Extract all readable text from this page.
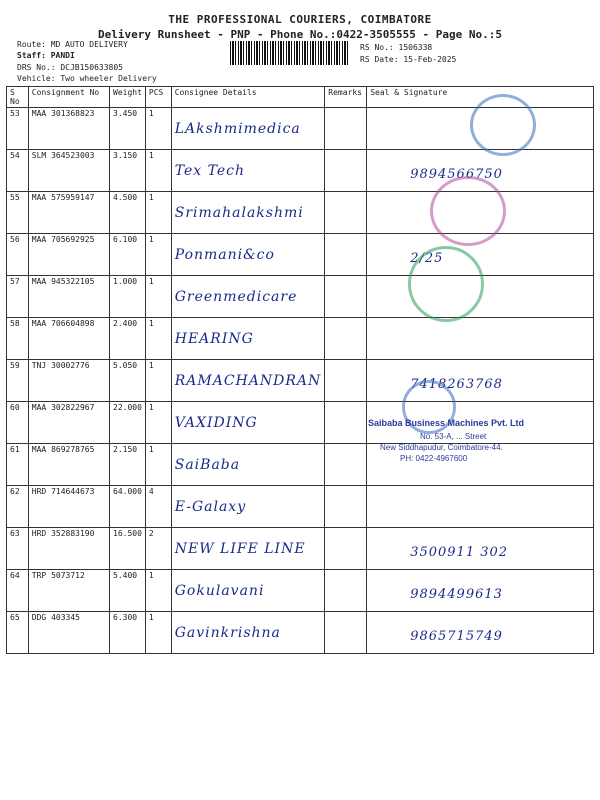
THE PROFESSIONAL COURIERS, COIMBATORE
Delivery Runsheet - PNP - Phone No.:0422-3505555 - Page No.:5
Route: MD AUTO DELIVERY
Staff: PANDI
DRS No.: DCJB150633805
Vehicle: Two wheeler Delivery
RS No.: 1506338
RS Date: 15-Feb-2025
S No	Consignment No	Weight	PCS	Consignee Details	Remarks	Seal & Signature
53	MAA 301368823	3.450	1	LAkshmimedica		

54	SLM 364523003	3.150	1	Tex Tech		9894566750

55	MAA 575959147	4.500	1	Srimahalakshmi		

56	MAA 705692925	6.100	1	Ponmani&co		2/25

57	MAA 945322105	1.000	1	Greenmedicare		

58	MAA 706604898	2.400	1	HEARING		

59	TNJ 30002776	5.050	1	RAMACHANDRAN		7418263768

60	MAA 302822967	22.000	1	VAXIDING		

61	MAA 869278765	2.150	1	SaiBaba		

62	HRD 714644673	64.000	4	E-Galaxy		

63	HRD 352883190	16.500	2	NEW LIFE LINE		3500911 302

64	TRP 5073712	5.400	1	Gokulavani		9894499613

65	DDG 403345	6.300	1	Gavinkrishna		9865715749
Saibaba Business Machines Pvt. Ltd
No. 53-A, ... Street
New Siddhapudur, Coimbatore-44.
PH: 0422-4967600
